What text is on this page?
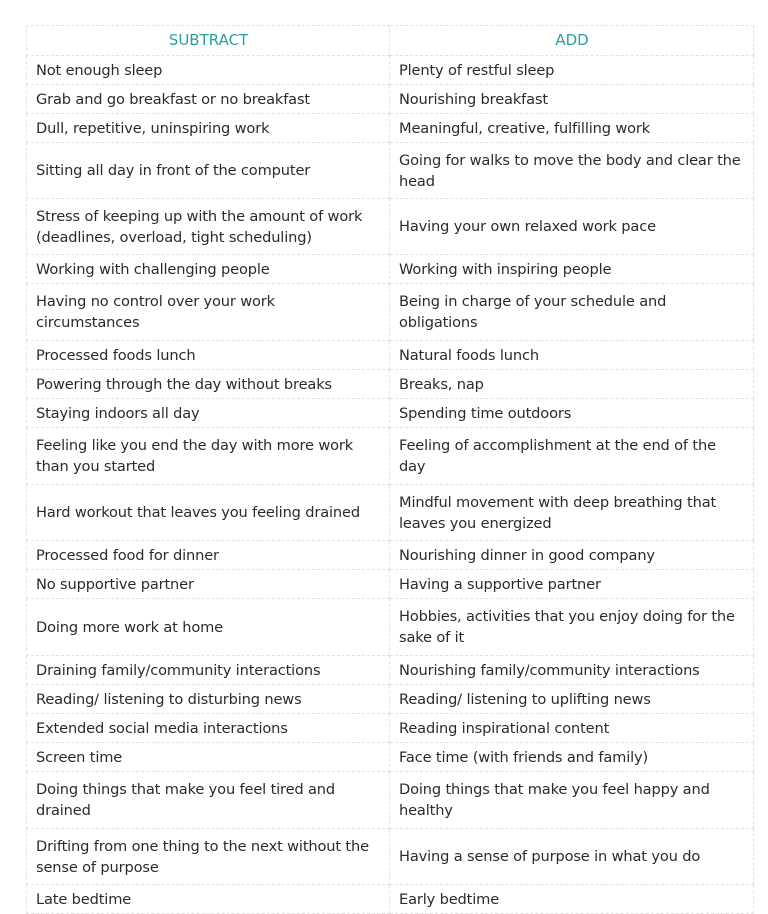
SUBTRACT	ADD
Not enough sleep	Plenty of restful sleep
Grab and go breakfast or no breakfast	Nourishing breakfast
Dull, repetitive, uninspiring work	Meaningful, creative, fulfilling work
Sitting all day in front of the computer	Going for walks to move the body and clear the head
Stress of keeping up with the amount of work (deadlines, overload, tight scheduling)	Having your own relaxed work pace
Working with challenging people	Working with inspiring people
Having no control over your work circumstances	Being in charge of your schedule and obligations
Processed foods lunch	Natural foods lunch
Powering through the day without breaks	Breaks, nap
Staying indoors all day	Spending time outdoors
Feeling like you end the day with more work than you started	Feeling of accomplishment at the end of the day
Hard workout that leaves you feeling drained	Mindful movement with deep breathing that leaves you energized
Processed food for dinner	Nourishing dinner in good company
No supportive partner	Having a supportive partner
Doing more work at home	Hobbies, activities that you enjoy doing for the sake of it
Draining family/community interactions	Nourishing family/community interactions
Reading/ listening to disturbing news	Reading/ listening to uplifting news
Extended social media interactions	Reading inspirational content
Screen time	Face time (with friends and family)
Doing things that make you feel tired and drained	Doing things that make you feel happy and healthy
Drifting from one thing to the next without the sense of purpose	Having a sense of purpose in what you do
Late bedtime	Early bedtime
